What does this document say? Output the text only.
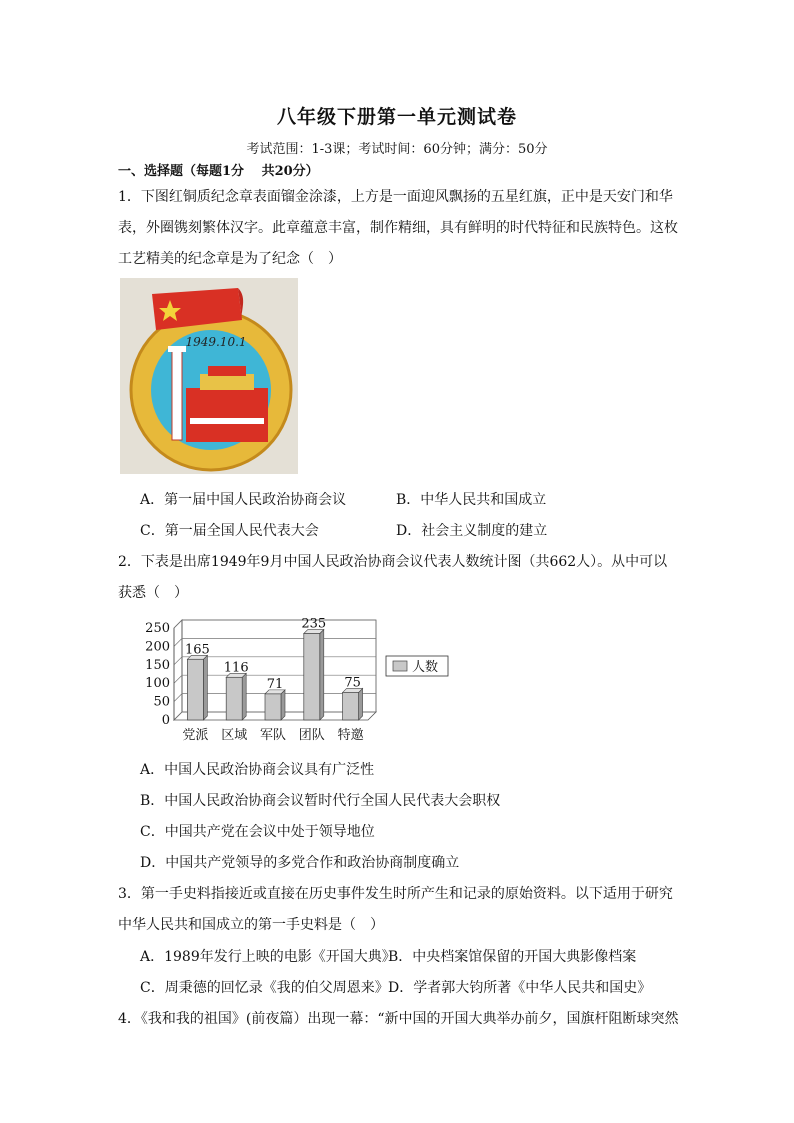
八年级下册第一单元测试卷
考试范围：1-3课；考试时间：60分钟；满分：50分
一、选择题（每题1分　 共20分）
1．下图红铜质纪念章表面镏金涂漆，上方是一面迎风飘扬的五星红旗，正中是天安门和华
表，外圈镌刻繁体汉字。此章蕴意丰富，制作精细，具有鲜明的时代特征和民族特色。这枚
工艺精美的纪念章是为了纪念（　）
1949.10.1
A．第一届中国人民政治协商会议	B．中华人民共和国成立
C．第一届全国人民代表大会	D．社会主义制度的建立
2．下表是出席1949年9月中国人民政治协商会议代表人数统计图（共662人）。从中可以
获悉（　）
0
50
100
150
200
250
165
党派
116
区域
71
军队
235
团队
75
特邀
人数
A．中国人民政治协商会议具有广泛性
B．中国人民政治协商会议暂时代行全国人民代表大会职权
C．中国共产党在会议中处于领导地位
D．中国共产党领导的多党合作和政治协商制度确立
3．第一手史料指接近或直接在历史事件发生时所产生和记录的原始资料。以下适用于研究
中华人民共和国成立的第一手史料是（　）
A．1989年发行上映的电影《开国大典》
B．中央档案馆保留的开国大典影像档案
C．周秉德的回忆录《我的伯父周恩来》 D．学者郭大钧所著《中华人民共和国史》
4．《我和我的祖国》(前夜篇）出现一幕：“新中国的开国大典举办前夕，国旗杆阻断球突然
